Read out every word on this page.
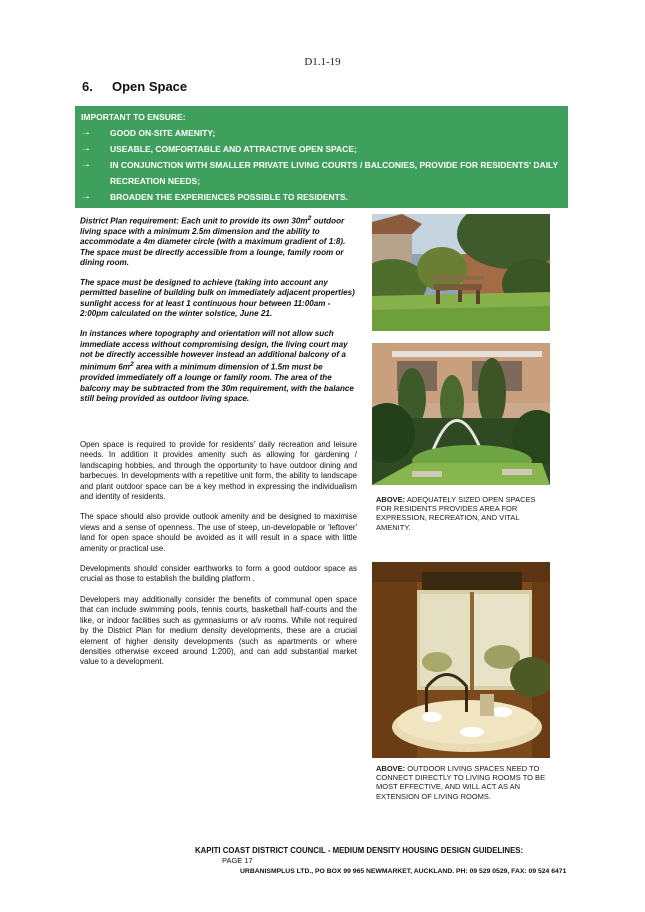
D1.1-19
6. Open Space
IMPORTANT TO ENSURE:
→	GOOD ON-SITE AMENITY;
→	USEABLE, COMFORTABLE AND ATTRACTIVE OPEN SPACE;
→	IN CONJUNCTION WITH SMALLER PRIVATE LIVING COURTS / BALCONIES, PROVIDE FOR RESIDENTS' DAILY RECREATION NEEDS;
→	BROADEN THE EXPERIENCES POSSIBLE TO RESIDENTS.

District Plan requirement: Each unit to provide its own $30m^2$ outdoor living space with a minimum 2.5m dimension and the ability to accommodate a 4m diameter circle (with a maximum gradient of 1:8). The space must be directly accessible from a lounge, family room or dining room.

The space must be designed to achieve (taking into account any permitted baseline of building bulk on immediately adjacent properties) sunlight access for at least 1 continuous hour between 11:00am - 2:00pm calculated on the winter solstice, June 21.

In instances where topography and orientation will not allow such immediate access without compromising design, the living court may not be directly accessible however instead an additional balcony of a minimum $6m^2$ area with a minimum dimension of 1.5m must be provided immediately off a lounge or family room. The area of the balcony may be subtracted from the 30m requirement, with the balance still being provided as outdoor living space.

Open space is required to provide for residents' daily recreation and leisure needs. In addition it provides amenity such as allowing for gardening / landscaping hobbies, and through the opportunity to have outdoor dining and barbecues. In developments with a repetitive unit form, the ability to landscape and plant outdoor space can be a key method in expressing the individualism and identity of residents.

The space should also provide outlook amenity and be designed to maximise views and a sense of openness. The use of steep, un-developable or 'leftover' land for open space should be avoided as it will result in a space with little amenity or practical use.

Developments should consider earthworks to form a good outdoor space as crucial as those to establish the building platform .

Developers may additionally consider the benefits of communal open space that can include swimming pools, tennis courts, basketball half-courts and the like, or indoor facilities such as gymnasiums or a/v rooms. While not required by the District Plan for medium density developments, these are a crucial element of higher density developments (such as apartments or where densities otherwise exceed around 1:200), and can add substantial market value to a development.

ABOVE: ADEQUATELY SIZED OPEN SPACES FOR RESIDENTS PROVIDES AREA FOR EXPRESSION, RECREATION, AND VITAL AMENITY.
ABOVE: OUTDOOR LIVING SPACES NEED TO CONNECT DIRECTLY TO LIVING ROOMS TO BE MOST EFFECTIVE, AND WILL ACT AS AN EXTENSION OF LIVING ROOMS.
KAPITI COAST DISTRICT COUNCIL - MEDIUM DENSITY HOUSING DESIGN GUIDELINES:
PAGE 17
URBANISMPLUS LTD., PO BOX 99 965 NEWMARKET, AUCKLAND. PH: 09 529 0529, FAX: 09 524 6471
